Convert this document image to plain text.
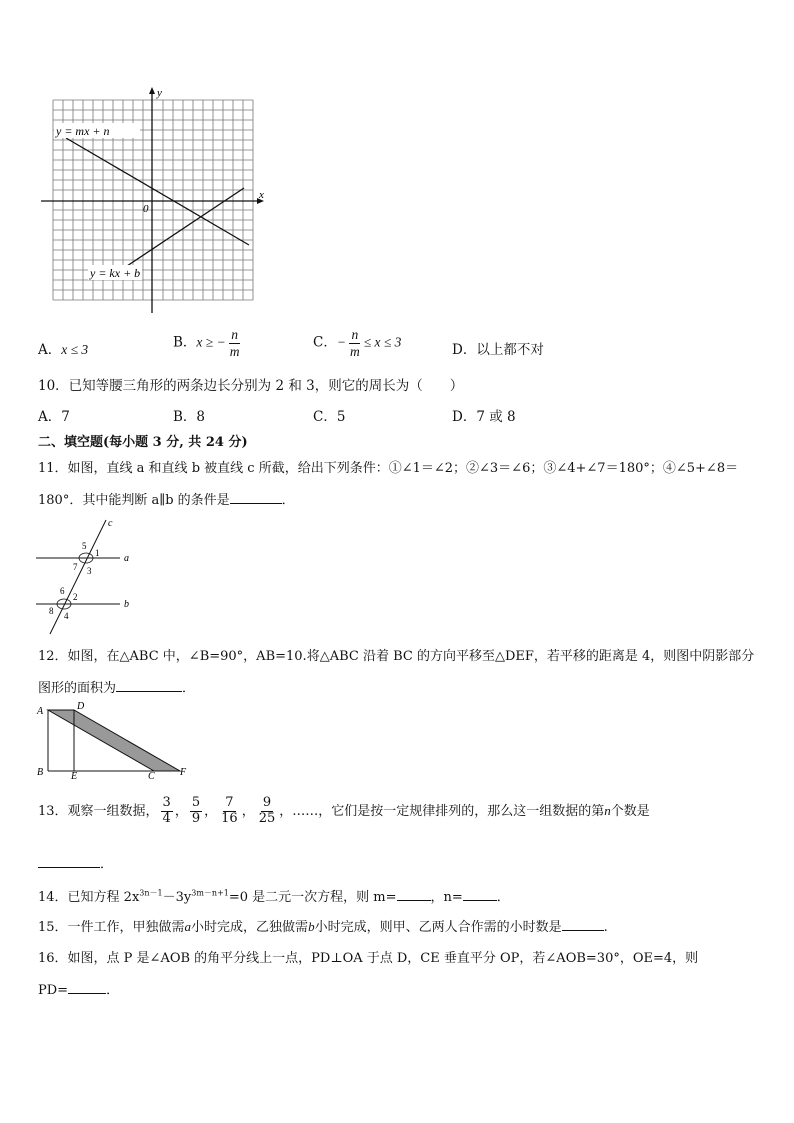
x
y
0
y = mx + n
y = kx + b
A．x ≤ 3	B．x ≥ − $\frac{n}{m}$	C．− $\frac{n}{m} \le x \le 3$	D．以上都不对
10．已知等腰三角形的两条边长分别为 2 和 3，则它的周长为（　　）
A．7	B．8	C．5	D．7 或 8
二、填空题(每小题 3 分, 共 24 分)
11．如图，直线 a 和直线 b 被直线 c 所截，给出下列条件：①∠1＝∠2；②∠3＝∠6；③∠4+∠7＝180°；④∠5+∠8＝
180°．其中能判断 a∥b 的条件是	．
c
a
b
5
1
7 3
6
2
8 4
12．如图，在△ABC 中，∠B=90°，AB=10.将△ABC 沿着 BC 的方向平移至△DEF，若平移的距离是 4，则图中阴影部分
图形的面积为	．
A	D
B	E	C	F
13．观察一组数据， $\frac{3}{4}$ ， $\frac{5}{9}$ ， $\frac{7}{16}$ ， $\frac{9}{25}$ ，……，它们是按一定规律排列的，那么这一组数据的第n个数是
．
14．已知方程 $2x^{3n-1}-3y^{3m-n+1}=0$ 是二元一次方程，则 m=	，n=	．
15．一件工作，甲独做需a小时完成，乙独做需b小时完成，则甲、乙两人合作需的小时数是	.
16．如图，点 P 是∠AOB 的角平分线上一点，PD⊥OA 于点 D，CE 垂直平分 OP，若∠AOB=30°，OE=4，则
PD=	．
